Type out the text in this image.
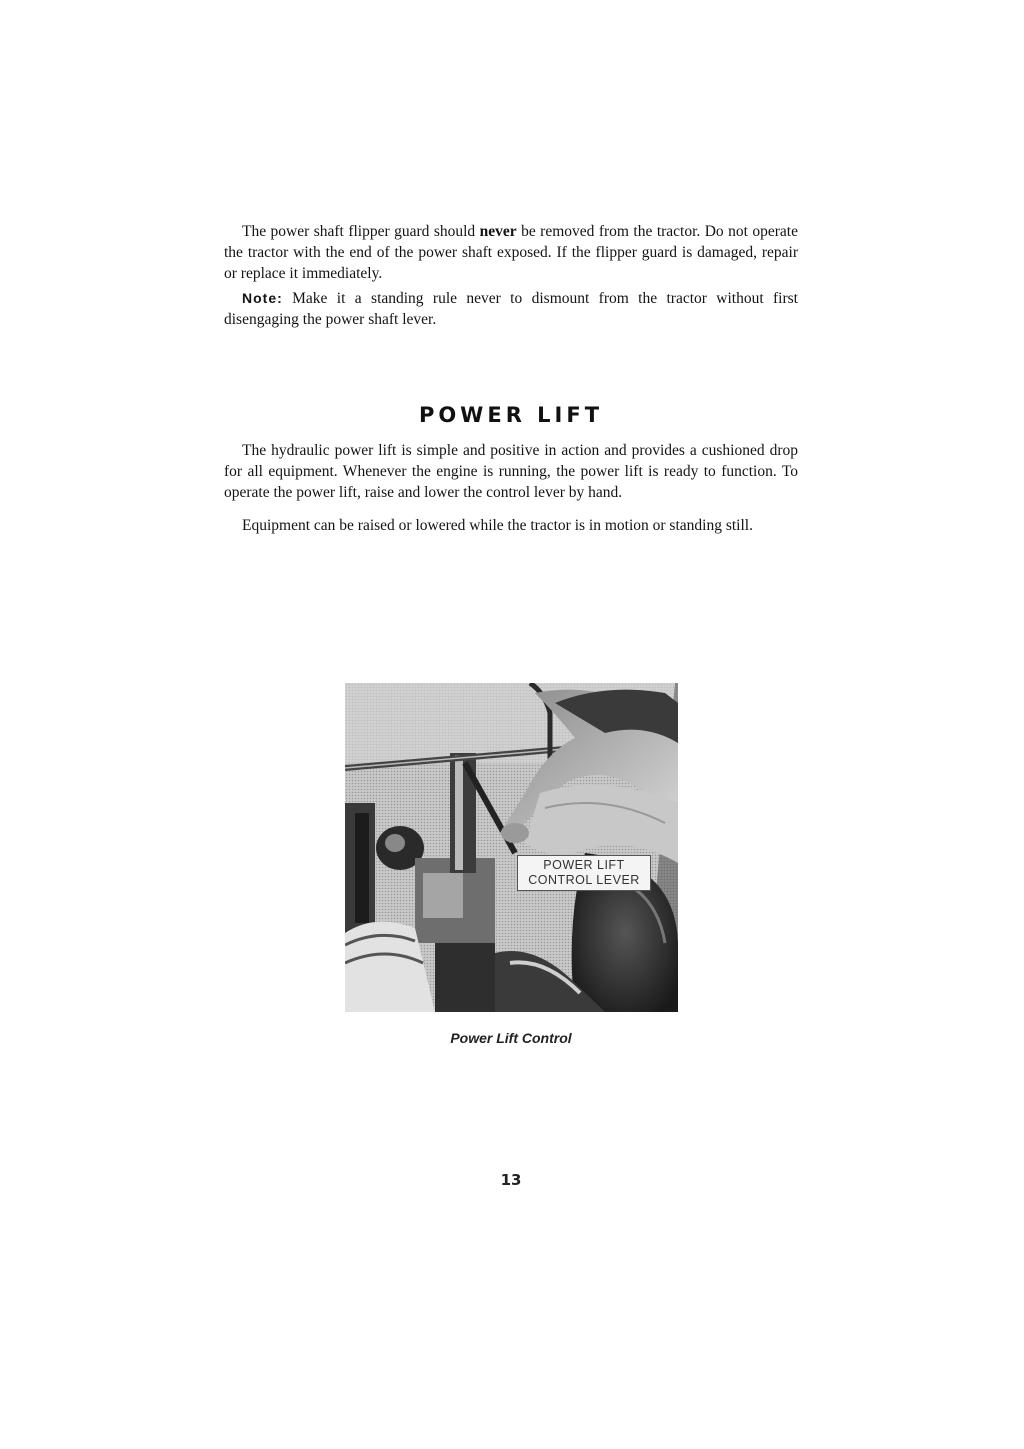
The power shaft flipper guard should never be removed from the tractor. Do not operate the tractor with the end of the power shaft exposed. If the flipper guard is damaged, repair or replace it immediately.

Note: Make it a standing rule never to dismount from the tractor without first disengaging the power shaft lever.

POWER LIFT

The hydraulic power lift is simple and positive in action and provides a cushioned drop for all equipment. Whenever the engine is running, the power lift is ready to function. To operate the power lift, raise and lower the control lever by hand.

Equipment can be raised or lowered while the tractor is in motion or standing still.

POWER LIFT
CONTROL LEVER
Power Lift Control
13
